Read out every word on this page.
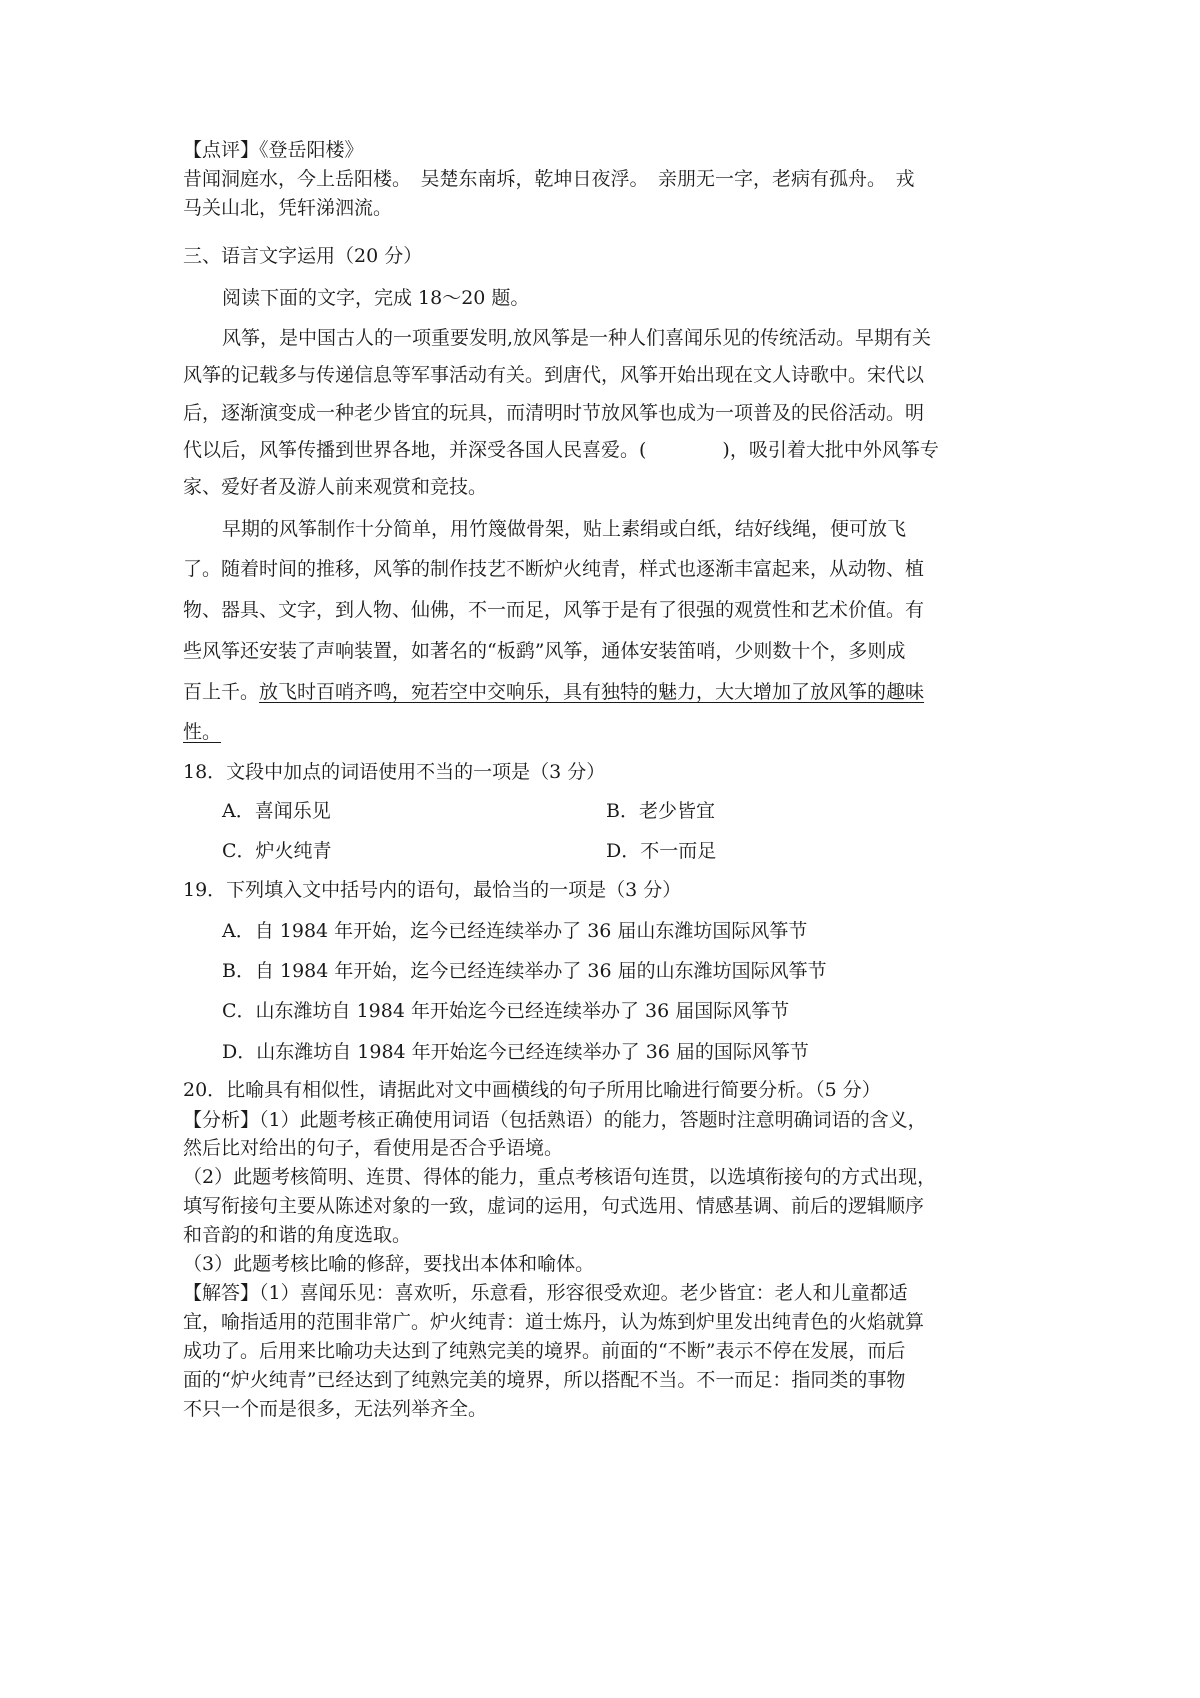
【点评】《登岳阳楼》
昔闻洞庭水，今上岳阳楼。　吴楚东南坼，乾坤日夜浮。　亲朋无一字，老病有孤舟。　戎
马关山北，凭轩涕泗流。
三、语言文字运用（20 分）
阅读下面的文字，完成 18～20 题。
风筝，是中国古人的一项重要发明,放风筝是一种人们喜闻乐见的传统活动。早期有关
风筝的记载多与传递信息等军事活动有关。到唐代，风筝开始出现在文人诗歌中。宋代以
后，逐渐演变成一种老少皆宜的玩具，而清明时节放风筝也成为一项普及的民俗活动。明
代以后，风筝传播到世界各地，并深受各国人民喜爱。(　　　　)，吸引着大批中外风筝专
家、爱好者及游人前来观赏和竞技。
早期的风筝制作十分简单，用竹篾做骨架，贴上素绢或白纸，结好线绳，便可放飞
了。随着时间的推移，风筝的制作技艺不断炉火纯青，样式也逐渐丰富起来，从动物、植
物、器具、文字，到人物、仙佛，不一而足，风筝于是有了很强的观赏性和艺术价值。有
些风筝还安装了声响装置，如著名的“板鹞”风筝，通体安装笛哨，少则数十个，多则成
百上千。放飞时百哨齐鸣，宛若空中交响乐，具有独特的魅力，大大增加了放风筝的趣味
性。
18．文段中加点的词语使用不当的一项是（3 分）
A．喜闻乐见	B．老少皆宜
C．炉火纯青	D．不一而足
19．下列填入文中括号内的语句，最恰当的一项是（3 分）
A．自 1984 年开始，迄今已经连续举办了 36 届山东潍坊国际风筝节
B．自 1984 年开始，迄今已经连续举办了 36 届的山东潍坊国际风筝节
C．山东潍坊自 1984 年开始迄今已经连续举办了 36 届国际风筝节
D．山东潍坊自 1984 年开始迄今已经连续举办了 36 届的国际风筝节
20．比喻具有相似性，请据此对文中画横线的句子所用比喻进行简要分析。（5 分）
【分析】（1）此题考核正确使用词语（包括熟语）的能力，答题时注意明确词语的含义，
然后比对给出的句子，看使用是否合乎语境。
（2）此题考核简明、连贯、得体的能力，重点考核语句连贯，以选填衔接句的方式出现，
填写衔接句主要从陈述对象的一致，虚词的运用，句式选用、情感基调、前后的逻辑顺序
和音韵的和谐的角度选取。
（3）此题考核比喻的修辞，要找出本体和喻体。
【解答】（1）喜闻乐见：喜欢听，乐意看，形容很受欢迎。老少皆宜：老人和儿童都适
宜，喻指适用的范围非常广。炉火纯青：道士炼丹，认为炼到炉里发出纯青色的火焰就算
成功了。后用来比喻功夫达到了纯熟完美的境界。前面的“不断”表示不停在发展，而后
面的“炉火纯青”已经达到了纯熟完美的境界，所以搭配不当。不一而足：指同类的事物
不只一个而是很多，无法列举齐全。
